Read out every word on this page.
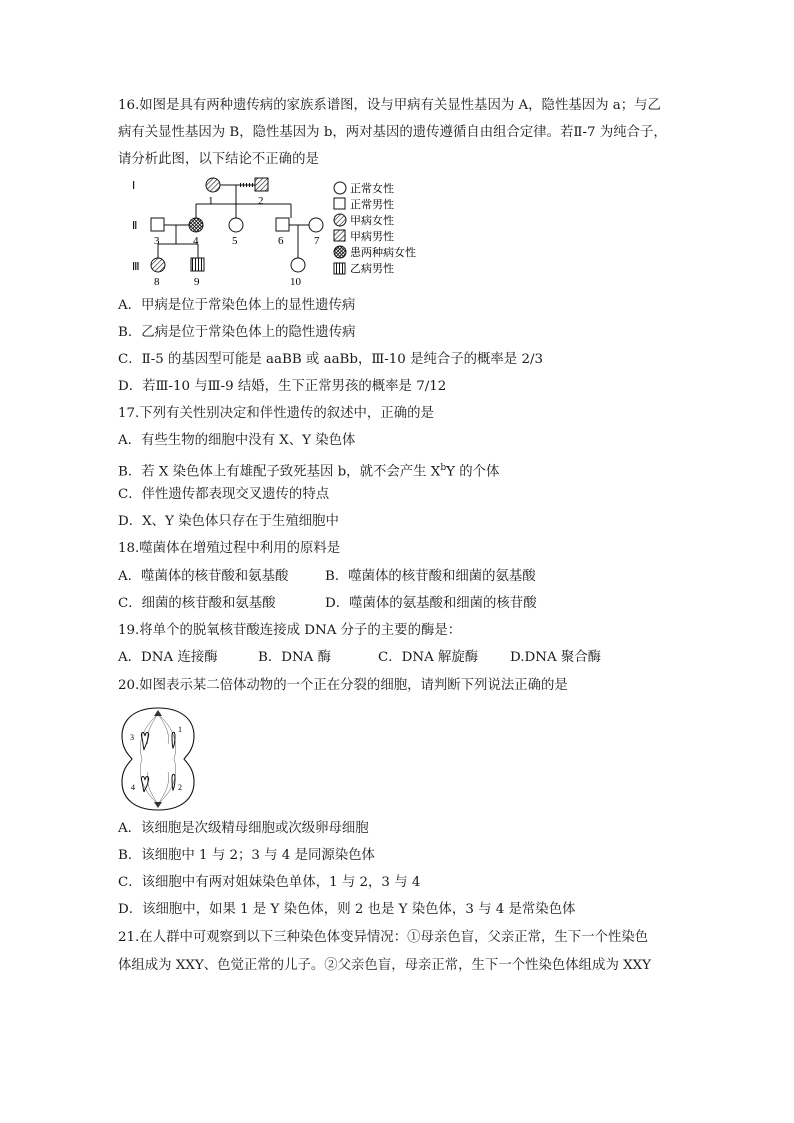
16.如图是具有两种遗传病的家族系谱图，设与甲病有关显性基因为 A，隐性基因为 a；与乙
病有关显性基因为 B，隐性基因为 b，两对基因的遗传遵循自由组合定律。若Ⅱ-7 为纯合子，
请分析此图，以下结论不正确的是
Ⅰ
Ⅱ
Ⅲ
1	2
3	4	5	6	7
8	9	10
正常女性
正常男性
甲病女性
甲病男性
患两种病女性
乙病男性
A．甲病是位于常染色体上的显性遗传病
B．乙病是位于常染色体上的隐性遗传病
C．Ⅱ-5 的基因型可能是 aaBB 或 aaBb，Ⅲ-10 是纯合子的概率是 2/3
D．若Ⅲ-10 与Ⅲ-9 结婚，生下正常男孩的概率是 7/12
17.下列有关性别决定和伴性遗传的叙述中，正确的是
A．有些生物的细胞中没有 X、Y 染色体
B．若 X 染色体上有雄配子致死基因 b，就不会产生 $X^bY$ 的个体
C．伴性遗传都表现交叉遗传的特点
D．X、Y 染色体只存在于生殖细胞中
18.噬菌体在增殖过程中利用的原料是
A．噬菌体的核苷酸和氨基酸	B．噬菌体的核苷酸和细菌的氨基酸
C．细菌的核苷酸和氨基酸	D．噬菌体的氨基酸和细菌的核苷酸
19.将单个的脱氧核苷酸连接成 DNA 分子的主要的酶是：
A．DNA 连接酶	B．DNA 酶	C．DNA 解旋酶 D.DNA 聚合酶
20.如图表示某二倍体动物的一个正在分裂的细胞，请判断下列说法正确的是
3
1
4	2
A．该细胞是次级精母细胞或次级卵母细胞
B．该细胞中 1 与 2；3 与 4 是同源染色体
C．该细胞中有两对姐妹染色单体，1 与 2，3 与 4
D．该细胞中，如果 1 是 Y 染色体，则 2 也是 Y 染色体，3 与 4 是常染色体
21.在人群中可观察到以下三种染色体变异情况：①母亲色盲，父亲正常，生下一个性染色
体组成为 XXY、色觉正常的儿子。②父亲色盲，母亲正常，生下一个性染色体组成为 XXY
